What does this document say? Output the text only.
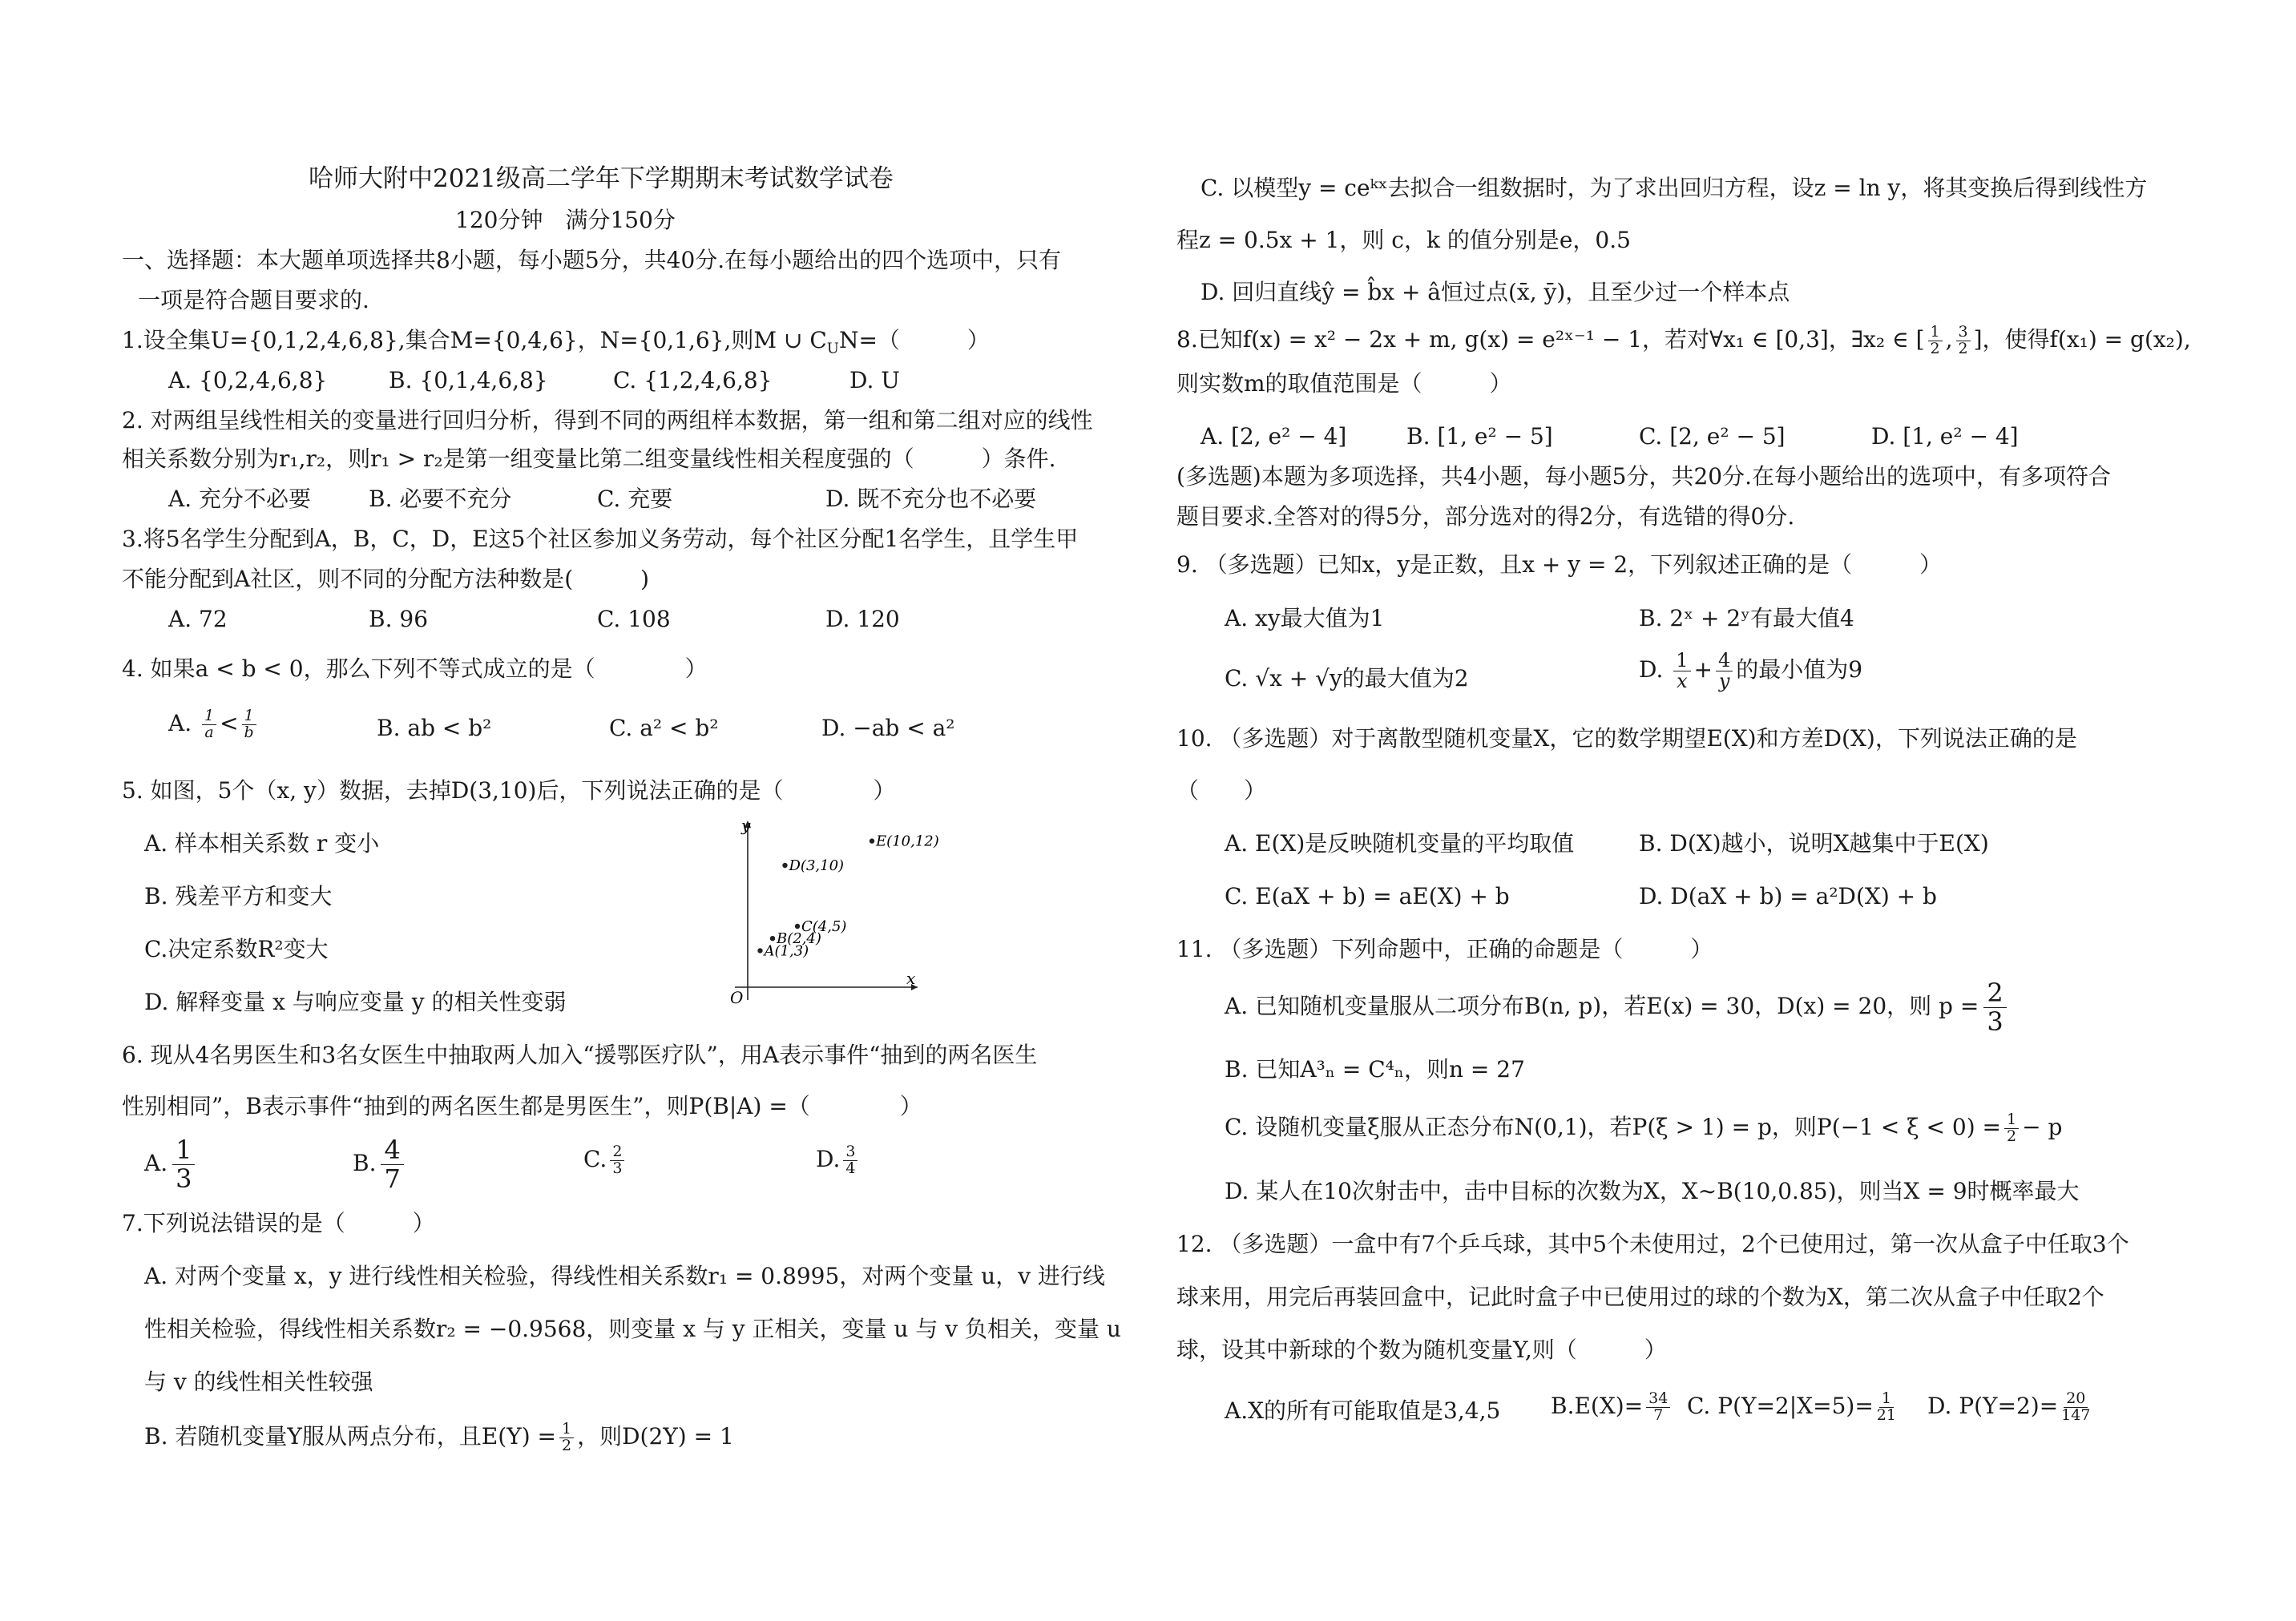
哈师大附中2021级高二学年下学期期末考试数学试卷
120分钟　满分150分
一、选择题：本大题单项选择共8小题，每小题5分，共40分.在每小题给出的四个选项中，只有
一项是符合题目要求的.
1.设全集U={0,1,2,4,6,8},集合M={0,4,6}，N={0,1,6},则M ∪ $C_UN=$（　　　）
A. {0,2,4,6,8}	B. {0,1,4,6,8}	C. {1,2,4,6,8}	D. U
2. 对两组呈线性相关的变量进行回归分析，得到不同的两组样本数据，第一组和第二组对应的线性
相关系数分别为r₁,r₂，则r₁ > r₂是第一组变量比第二组变量线性相关程度强的（　　　）条件.
A. 充分不必要	B. 必要不充分	C. 充要	D. 既不充分也不必要
3.将5名学生分配到A，B，C，D，E这5个社区参加义务劳动，每个社区分配1名学生，且学生甲
不能分配到A社区，则不同的分配方法种数是(　　　)
A. 72	B. 96	C. 108	D. 120
4. 如果a < b < 0，那么下列不等式成立的是（　　　　）
A. $\frac{1}{a} < \frac{1}{b}$	B. ab < b²	C. a² < b²	D. −ab < a²
5. 如图，5个（x, y）数据，去掉D(3,10)后，下列说法正确的是（　　　　）
A. 样本相关系数 r 变小
B. 残差平方和变大
C.决定系数R²变大
D. 解释变量 x 与响应变量 y 的相关性变弱
y
x
O
E(10,12)
D(3,10)
C(4,5)
B(2,4)
A(1,3)
6. 现从4名男医生和3名女医生中抽取两人加入“援鄂医疗队”，用A表示事件“抽到的两名医生
性别相同”，B表示事件“抽到的两名医生都是男医生”，则P(B|A) =（　　　　）
A. $\frac{1}{3}$	B. $\frac{4}{7}$	C. $\frac{2}{3}$	D. $\frac{3}{4}$
7.下列说法错误的是（　　　）
A. 对两个变量 x，y 进行线性相关检验，得线性相关系数r₁ = 0.8995，对两个变量 u，v 进行线
性相关检验，得线性相关系数r₂ = −0.9568，则变量 x 与 y 正相关，变量 u 与 v 负相关，变量 u
与 v 的线性相关性较强
B. 若随机变量Y服从两点分布，且$E(Y) = \frac{1}{2}$ ，则D(2Y) = 1
C. 以模型y = ceᵏˣ去拟合一组数据时，为了求出回归方程，设z = ln y，将其变换后得到线性方
程z = 0.5x + 1，则 c，k 的值分别是e，0.5
D. 回归直线ŷ = b̂x + â恒过点(x̄, ȳ)，且至少过一个样本点
8.已知f(x) = x² − 2x + m, g(x) = e²ˣ⁻¹ − 1，若对∀x₁ ∈ [0,3]，∃x₂ ∈ [ $\frac{1}{2}$ , $\frac{3}{2}$ ]，使得f(x₁) = g(x₂),
则实数m的取值范围是（　　　）
A. [2, e² − 4]	B. [1, e² − 5]	C. [2, e² − 5]	D. [1, e² − 4]
(多选题)本题为多项选择，共4小题，每小题5分，共20分.在每小题给出的选项中，有多项符合
题目要求.全答对的得5分，部分选对的得2分，有选错的得0分.
9. （多选题）已知x，y是正数，且x + y = 2，下列叙述正确的是（　　　）
A. xy最大值为1	B. 2ˣ + 2ʸ有最大值4
C. √x + √y的最大值为2	D. $\frac{1}{x} + \frac{4}{y}$ 的最小值为9
10. （多选题）对于离散型随机变量X，它的数学期望E(X)和方差D(X)，下列说法正确的是
（　　）
A. E(X)是反映随机变量的平均取值	B. D(X)越小，说明X越集中于E(X)
C. E(aX + b) = aE(X) + b	D. D(aX + b) = a²D(X) + b
11. （多选题）下列命题中，正确的命题是（　　　）
A. 已知随机变量服从二项分布B(n, p)，若E(x) = 30，D(x) = 20，则 $p = \frac{2}{3}$
B. 已知A³ₙ = C⁴ₙ，则n = 27
C. 设随机变量ξ服从正态分布N(0,1)，若P(ξ > 1) = p，则$P(-1 < \xi < 0) = \frac{1}{2} - p$
D. 某人在10次射击中，击中目标的次数为X，X∼B(10,0.85)，则当X = 9时概率最大
12. （多选题）一盒中有7个乒乓球，其中5个未使用过，2个已使用过，第一次从盒子中任取3个
球来用，用完后再装回盒中，记此时盒子中已使用过的球的个数为X，第二次从盒子中任取2个
球，设其中新球的个数为随机变量Y,则（　　　）
A.X的所有可能取值是3,4,5 $B.E(X)= \frac{34}{7} C$. $P(Y=2|X=5)= \frac{1}{21} D$. $P(Y=2)= \frac{20}{147}$
